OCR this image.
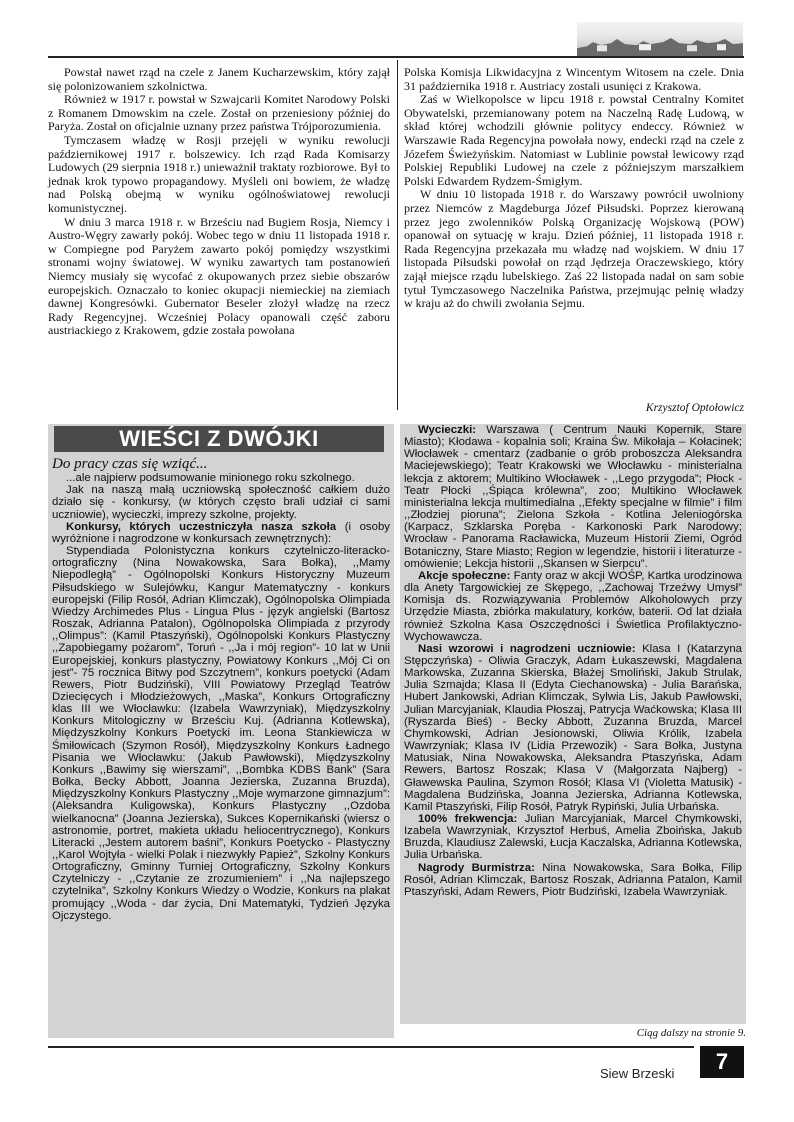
Powstał nawet rząd na czele z Janem Kucharzewskim, który zajął się polonizowaniem szkolnictwa.

Również w 1917 r. powstał w Szwajcarii Komitet Narodowy Polski z Romanem Dmowskim na czele. Został on przeniesiony później do Paryża. Został on oficjalnie uznany przez państwa Trójporozumienia.

Tymczasem władzę w Rosji przejęli w wyniku rewolucji październikowej 1917 r. bolszewicy. Ich rząd Rada Komisarzy Ludowych (29 sierpnia 1918 r.) unieważnił traktaty rozbiorowe. Był to jednak krok typowo propagandowy. Myśleli oni bowiem, że władzę nad Polską obejmą w wyniku ogólnoświatowej rewolucji komunistycznej.

W dniu 3 marca 1918 r. w Brześciu nad Bugiem Rosja, Niemcy i Austro-Węgry zawarły pokój. Wobec tego w dniu 11 listopada 1918 r. w Compiegne pod Paryżem zawarto pokój pomiędzy wszystkimi stronami wojny światowej. W wyniku zawartych tam postanowień Niemcy musiały się wycofać z okupowanych przez siebie obszarów europejskich. Oznaczało to koniec okupacji niemieckiej na ziemiach dawnej Kongresówki. Gubernator Beseler złożył władzę na rzecz Rady Regencyjnej. Wcześniej Polacy opanowali część zaboru austriackiego z Krakowem, gdzie została powołana

Polska Komisja Likwidacyjna z Wincentym Witosem na czele. Dnia 31 października 1918 r. Austriacy zostali usunięci z Krakowa.

Zaś w Wielkopolsce w lipcu 1918 r. powstał Centralny Komitet Obywatelski, przemianowany potem na Naczelną Radę Ludową, w skład której wchodzili głównie politycy endeccy. Również w Warszawie Rada Regencyjna powołała nowy, endecki rząd na czele z Józefem Świeżyńskim. Natomiast w Lublinie powstał lewicowy rząd Polskiej Republiki Ludowej na czele z późniejszym marszałkiem Polski Edwardem Rydzem-Śmigłym.

W dniu 10 listopada 1918 r. do Warszawy powrócił uwolniony przez Niemców z Magdeburga Józef Piłsudski. Poprzez kierowaną przez jego zwolenników Polską Organizację Wojskową (POW) opanował on sytuację w kraju. Dzień później, 11 listopada 1918 r. Rada Regencyjna przekazała mu władzę nad wojskiem. W dniu 17 listopada Piłsudski powołał on rząd Jędrzeja Oraczewskiego, który zajął miejsce rządu lubelskiego. Zaś 22 listopada nadał on sam sobie tytuł Tymczasowego Naczelnika Państwa, przejmując pełnię władzy w kraju aż do chwili zwołania Sejmu.

Krzysztof Optołowicz
WIEŚCI Z DWÓJKI

Do pracy czas się wziąć...

...ale najpierw podsumowanie minionego roku szkolnego.

Jak na naszą małą uczniowską społeczność całkiem dużo działo się - konkursy, (w których często brali udział ci sami uczniowie), wycieczki, imprezy szkolne, projekty.

Konkursy, których uczestniczyła nasza szkoła (i osoby wyróżnione i nagrodzone w konkursach zewnętrznych):

Stypendiada Polonistyczna konkurs czytelniczo-literacko-ortograficzny (Nina Nowakowska, Sara Bołka), ,,Mamy Niepodległą” - Ogólnopolski Konkurs Historyczny Muzeum Piłsudskiego w Sulejówku, Kangur Matematyczny - konkurs europejski (Filip Rosół, Adrian Klimczak), Ogólnopolska Olimpiada Wiedzy Archimedes Plus - Lingua Plus - język angielski (Bartosz Roszak, Adrianna Patalon), Ogólnopolska Olimpiada z przyrody ,,Olimpus”: (Kamil Ptaszyński), Ogólnopolski Konkurs Plastyczny ,,Zapobiegamy pożarom”, Toruń - ,,Ja i mój region”- 10 lat w Unii Europejskiej, konkurs plastyczny, Powiatowy Konkurs ,,Mój Ci on jest”- 75 rocznica Bitwy pod Szczytnem”, konkurs poetycki (Adam Rewers, Piotr Budziński), VIII Powiatowy Przegląd Teatrów Dziecięcych i Młodzieżowych, ,,Maska”, Konkurs Ortograficzny klas III we Włocławku: (Izabela Wawrzyniak), Międzyszkolny Konkurs Mitologiczny w Brześciu Kuj. (Adrianna Kotlewska), Międzyszkolny Konkurs Poetycki im. Leona Stankiewicza w Śmiłowicach (Szymon Rosół), Międzyszkolny Konkurs Ładnego Pisania we Włocławku: (Jakub Pawłowski), Międzyszkolny Konkurs ,,Bawimy się wierszami”, ,,Bombka KDBS Bank” (Sara Bołka, Becky Abbott, Joanna Jezierska, Zuzanna Bruzda), Międzyszkolny Konkurs Plastyczny ,,Moje wymarzone gimnazjum”: (Aleksandra Kuligowska), Konkurs Plastyczny ,,Ozdoba wielkanocna” (Joanna Jezierska), Sukces Kopernikański (wiersz o astronomie, portret, makieta układu heliocentrycznego), Konkurs Literacki ,,Jestem autorem baśni”, Konkurs Poetycko - Plastyczny ,,Karol Wojtyła - wielki Polak i niezwykły Papież”, Szkolny Konkurs Ortograficzny, Gminny Turniej Ortograficzny, Szkolny Konkurs Czytelniczy - ,,Czytanie ze zrozumieniem” i ,,Na najlepszego czytelnika”, Szkolny Konkurs Wiedzy o Wodzie, Konkurs na plakat promujący ,,Woda - dar życia, Dni Matematyki, Tydzień Języka Ojczystego.

Wycieczki: Warszawa ( Centrum Nauki Kopernik, Stare Miasto); Kłodawa - kopalnia soli; Kraina Św. Mikołaja – Kołacinek; Włocławek - cmentarz (zadbanie o grób proboszcza Aleksandra Maciejewskiego); Teatr Krakowski we Włocławku - ministerialna lekcja z aktorem; Multikino Włocławek - ,,Lego przygoda”; Płock - Teatr Płocki ,,Śpiąca królewna”, zoo; Multikino Włocławek ministerialna lekcja multimedialna ,,Efekty specjalne w filmie” i film ,,Złodziej pioruna”; Zielona Szkoła - Kotlina Jeleniogórska (Karpacz, Szklarska Poręba - Karkonoski Park Narodowy; Wrocław - Panorama Racławicka, Muzeum Historii Ziemi, Ogród Botaniczny, Stare Miasto; Region w legendzie, historii i literaturze - omówienie; Lekcja historii ,,Skansen w Sierpcu”.

Akcje społeczne: Fanty oraz w akcji WOŚP, Kartka urodzinowa dla Anety Targowickiej ze Skępego, ,,Zachowaj Trzeźwy Umysł” Komisja ds. Rozwiązywania Problemów Alkoholowych przy Urzędzie Miasta, zbiórka makulatury, korków, baterii. Od lat działa również Szkolna Kasa Oszczędności i Świetlica Profilaktyczno- Wychowawcza.

Nasi wzorowi i nagrodzeni uczniowie: Klasa I (Katarzyna Stępczyńska) - Oliwia Graczyk, Adam Łukaszewski, Magdalena Markowska, Zuzanna Skierska, Błażej Smoliński, Jakub Strulak, Julia Szmajda; Klasa II (Edyta Ciechanowska) - Julia Barańska, Hubert Jankowski, Adrian Klimczak, Sylwia Lis, Jakub Pawłowski, Julian Marcyjaniak, Klaudia Płoszaj, Patrycja Waćkowska; Klasa III (Ryszarda Bieś) - Becky Abbott, Zuzanna Bruzda, Marcel Chymkowski, Adrian Jesionowski, Oliwia Królik, Izabela Wawrzyniak; Klasa IV (Lidia Przewozik) - Sara Bołka, Justyna Matusiak, Nina Nowakowska, Aleksandra Ptaszyńska, Adam Rewers, Bartosz Roszak; Klasa V (Małgorzata Najberg) - Gławewska Paulina, Szymon Rosół; Klasa VI (Violetta Matusik) - Magdalena Budzińska, Joanna Jezierska, Adrianna Kotlewska, Kamil Ptaszyński, Filip Rosół, Patryk Rypiński, Julia Urbańska.

100% frekwencja: Julian Marcyjaniak, Marcel Chymkowski, Izabela Wawrzyniak, Krzysztof Herbuś, Amelia Zboińska, Jakub Bruzda, Klaudiusz Zalewski, Łucja Kaczalska, Adrianna Kotlewska, Julia Urbańska.

Nagrody Burmistrza: Nina Nowakowska, Sara Bołka, Filip Rosół, Adrian Klimczak, Bartosz Roszak, Adrianna Patalon, Kamil Ptaszyński, Adam Rewers, Piotr Budziński, Izabela Wawrzyniak.

Ciąg dalszy na stronie 9.
Siew Brzeski	7
